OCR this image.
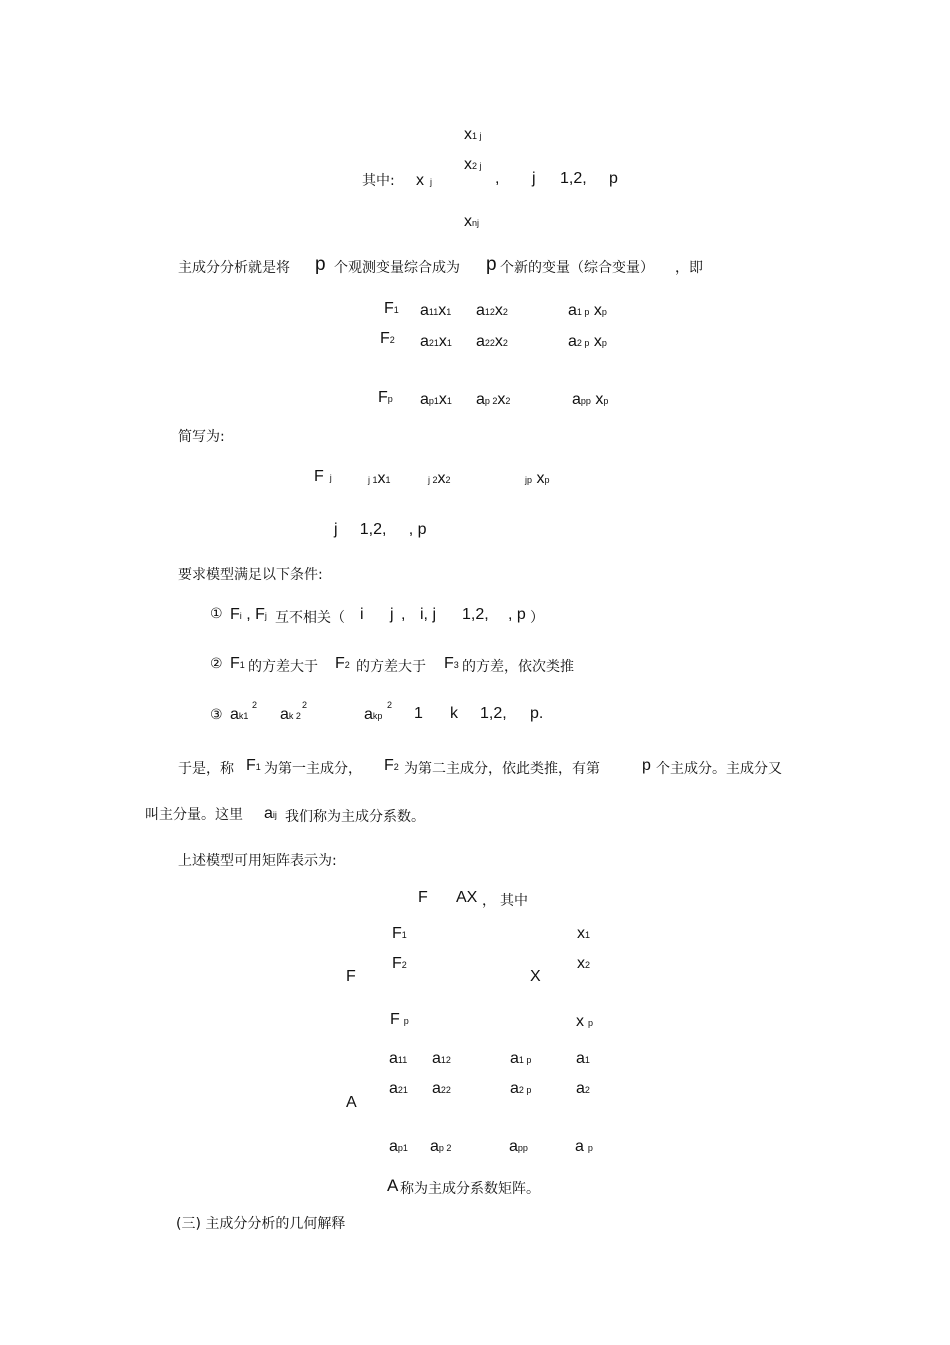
x1 j
x2 j
其中: xj	, j 1,2, p
xnj
主成分分析就是将 p 个观测变量综合成为 p 个新的变量（综合变量） ，即
F1 a11x1 a12x2	a1 p xp
F2 a21x1 a22x2	a2 p xp
Fp ap1x1 ap 2x2	app xp
简写为:
Fj	j 1x1	j 2x2	jp xp
j     1,2,     , p
要求模型满足以下条件:
① Fi , Fj 互不相关（ i j , i, j 1,2, , p ）
② F1 的方差大于 F2 的方差大于 F3 的方差，依次类推
③ ak1
2
ak 2
2
akp
2 1 k 1,2, p.
于是，称 F1 为第一主成分， F2 为第二主成分，依此类推，有第	p 个主成分。主成分又
叫主分量。这里 aij 我们称为主成分系数。
上述模型可用矩阵表示为:
F AX ， 其中
F1
F2
F
Fp
x1
x2
X
xp
A
a11 a12	a1 p	a1
a21 a22	a2 p	a2
ap1 ap 2	app	ap
A 称为主成分系数矩阵。
(三) 主成分分析的几何解释
